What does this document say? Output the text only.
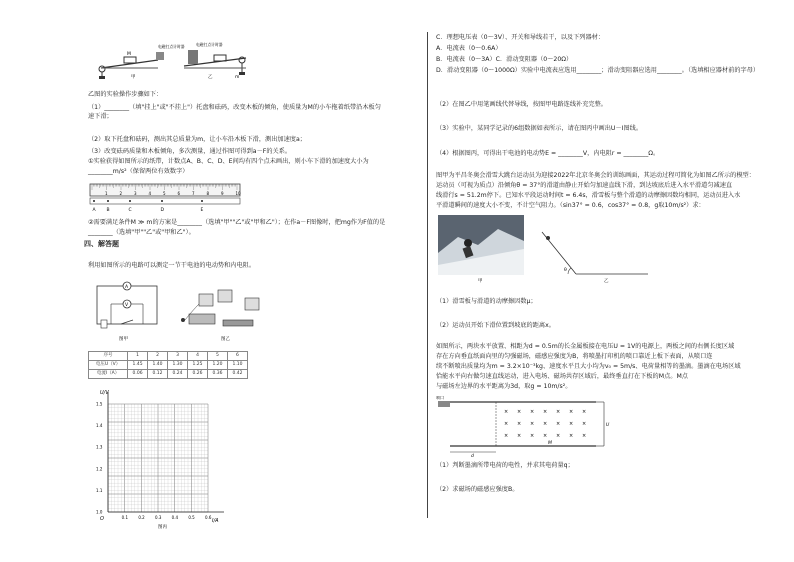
M
电磁打点计时器
甲
电磁打点计时器
m
乙
乙图的实验操作步骤如下：
（1）________（填"挂上"或"不挂上"）托盘和砝码，改变木板的倾角，使质量为M的小车拖着纸带沿木板匀
速下滑；
（2）取下托盘和砝码，测出其总质量为m，让小车沿木板下滑，测出加速度a；
（3）改变砝码质量和木板倾角，多次测量，通过作图可得到a－F的关系。
①实验获得如图所示的纸带，计数点A、B、C、D、E间均有四个点未画出，则小车下滑的加速度大小为
________m/s²（保留两位有效数字）
1	2	3	4	5	6	7	8	9	10
A B	C	D	E
②需要满足条件M ≫ m的方案是________（选填"甲""乙"或"甲和乙"）；在作a－F图像时，把mg作为F值的是
________（选填"甲""乙"或"甲和乙"）。
四、解答题
利用如图所示的电路可以测定一节干电池的电动势和内电阻。
A
V
图甲	图乙
序号	1	2	3	4	5	6
电压U（V）	1.45	1.40	1.30	1.25	1.20	1.10
电流I（A）	0.06	0.12	0.24	0.26	0.36	0.42
1.5
1.4
1.3
1.2
1.1
1.0
0.1	0.2	0.3	0.4	0.5	0.6
U/V
I/A
O
图丙
C．理想电压表（0～3V）、开关和导线若干，以及下列器材：
A．电流表（0～0.6A）
B．电流表（0～3A）C．滑动变阻器（0～20Ω）
D．滑动变阻器（0～1000Ω）实验中电流表应选用________；滑动变阻器应选用________。（选填相应器材前的字母）
（2）在图乙中用笔画线代替导线，按图甲电路连线补充完整。
（3）实验中，某同学记录的6组数据如表所示，请在图丙中画出U－I图线。
（4）根据图丙，可得出干电池的电动势E = ________V，内电阻r = ________Ω。
图甲为平昌冬奥会滑雪大跳台运动员为迎接2022年北京冬奥会的训练画面，其运动过程可简化为如图乙所示的模型：
运动员（可视为质点）沿倾角θ = 37°的滑道由静止开始匀加速直线下滑，到达坡底后进入水平滑道匀减速直
线滑行s = 51.2m停下。已知水平段运动时间t = 6.4s，滑雪板与整个滑道的动摩擦因数均相同，运动员进入水
平滑道瞬间的速度大小不变，不计空气阻力。（sin37° = 0.6，cos37° = 0.8，g取10m/s²）求：
甲
θ
乙
（1）滑雪板与滑道的动摩擦因数μ；
（2）运动员开始下滑位置到坡底的距离x。
如图所示，两块水平放置、相距为d = 0.5m的长金属板接在电压U = 1V的电源上，两板之间的右侧长度区域
存在方向垂直纸面向里的匀强磁场，磁感应强度为B，将喷墨打印机的喷口靠近上板下表面，从喷口连
续不断喷出质量均为m = 3.2×10⁻³kg、速度水平且大小均为v₀ = 5m/s、电荷量相等的墨滴。墨滴在电场区域
恰能水平向右做匀速直线运动，进入电场、磁场共存区域后，最终垂直打在下板的M点。M点
与磁场左边界的水平距离为3d，取g = 10m/s²。
喷口
× × × × × × ×
× × × × × × ×
× × × × × × ×
U
d
M
（1）判断墨滴所带电荷的电性，并求其电荷量q；
（2）求磁场的磁感应强度B。
